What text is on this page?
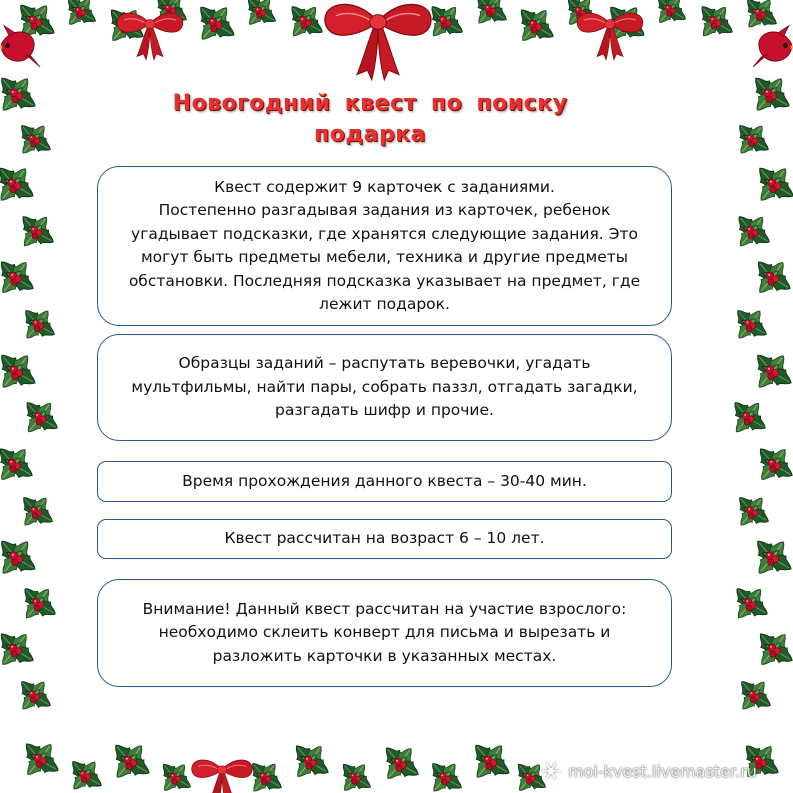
Новогодний квест по поиску
подарка
Квест содержит 9 карточек с заданиями.
Постепенно разгадывая задания из карточек, ребенок
угадывает подсказки, где хранятся следующие задания. Это
могут быть предметы мебели, техника и другие предметы
обстановки. Последняя подсказка указывает на предмет, где
лежит подарок.
Образцы заданий – распутать веревочки, угадать
мультфильмы, найти пары, собрать паззл, отгадать загадки,
разгадать шифр и прочие.
Время прохождения данного квеста – 30-40 мин.
Квест рассчитан на возраст 6 – 10 лет.
Внимание! Данный квест рассчитан на участие взрослого:
необходимо склеить конверт для письма и вырезать и
разложить карточки в указанных местах.
moi-kvest.livemaster.ru
